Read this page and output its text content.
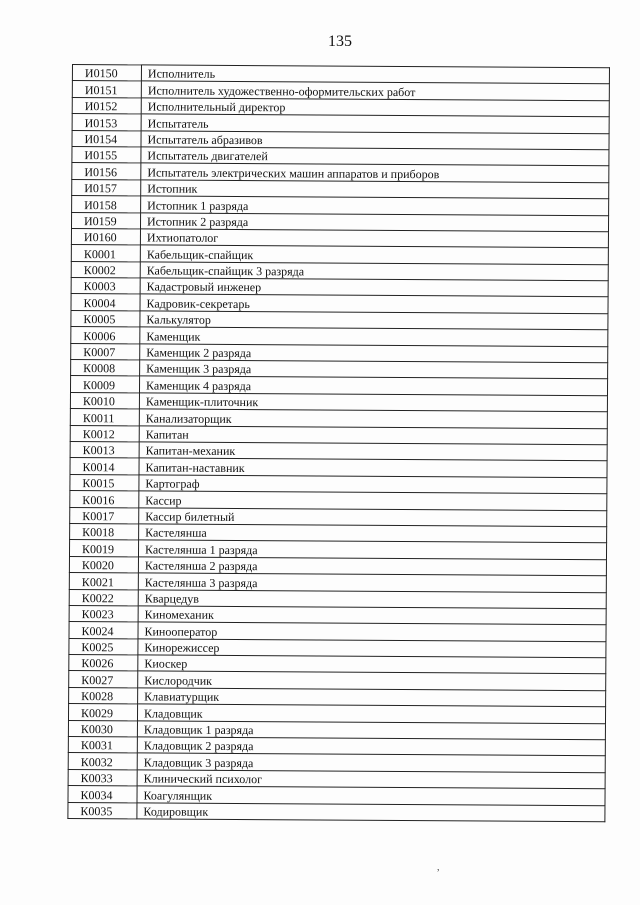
135
И0150	Исполнитель
И0151	Исполнитель художественно-оформительских работ
И0152	Исполнительный директор
И0153	Испытатель
И0154	Испытатель абразивов
И0155	Испытатель двигателей
И0156	Испытатель электрических машин аппаратов и приборов
И0157	Истопник
И0158	Истопник 1 разряда
И0159	Истопник 2 разряда
И0160	Ихтиопатолог
К0001	Кабельщик-спайщик
К0002	Кабельщик-спайщик 3 разряда
К0003	Кадастровый инженер
К0004	Кадровик-секретарь
К0005	Калькулятор
К0006	Каменщик
К0007	Каменщик 2 разряда
К0008	Каменщик 3 разряда
К0009	Каменщик 4 разряда
К0010	Каменщик-плиточник
К0011	Канализаторщик
К0012	Капитан
К0013	Капитан-механик
К0014	Капитан-наставник
К0015	Картограф
К0016	Кассир
К0017	Кассир билетный
К0018	Кастелянша
К0019	Кастелянша 1 разряда
К0020	Кастелянша 2 разряда
К0021	Кастелянша 3 разряда
К0022	Кварцедув
К0023	Киномеханик
К0024	Кинооператор
К0025	Кинорежиссер
К0026	Киоскер
К0027	Кислородчик
К0028	Клавиатурщик
К0029	Кладовщик
К0030	Кладовщик 1 разряда
К0031	Кладовщик 2 разряда
К0032	Кладовщик 3 разряда
К0033	Клинический психолог
К0034	Коагулянщик
К0035	Кодировщик
,
